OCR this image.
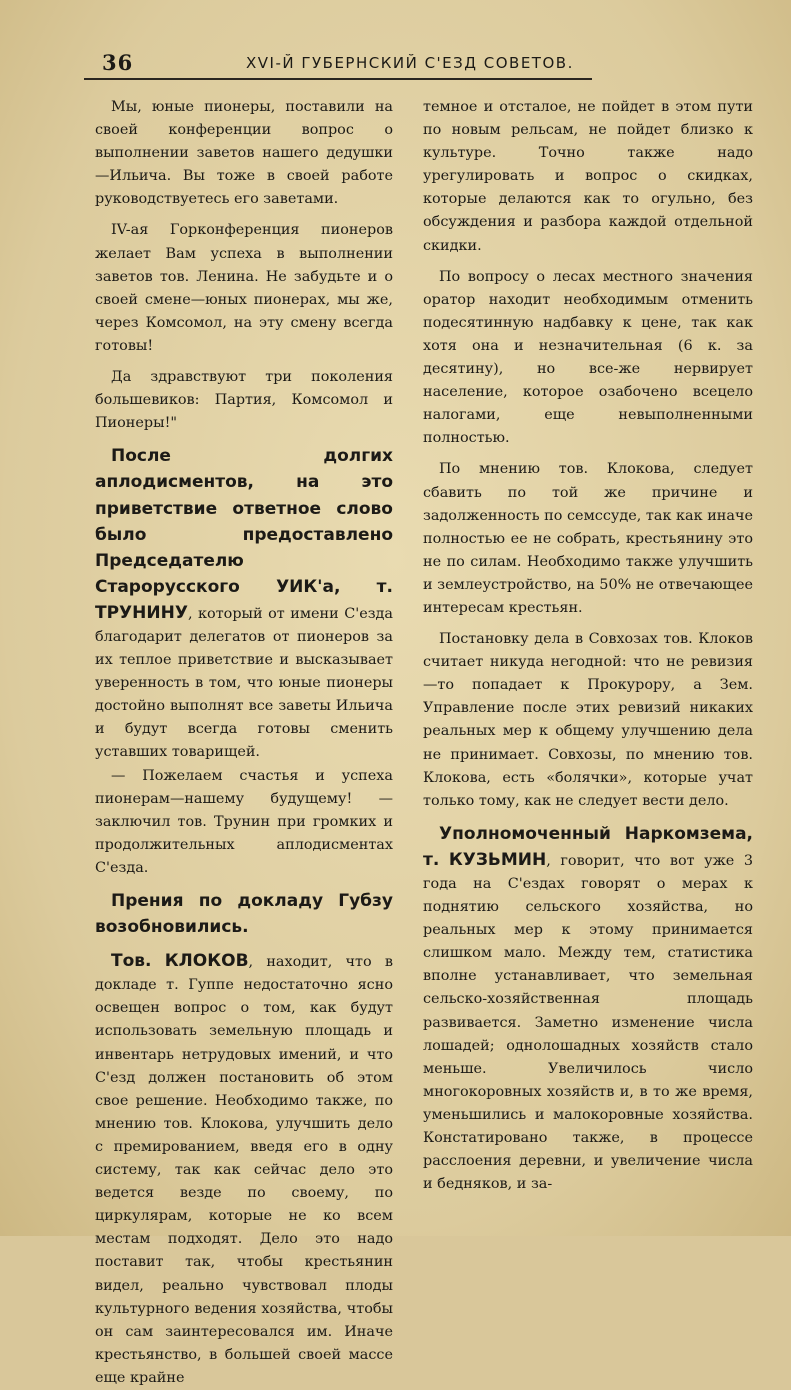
36	XVI-Й ГУБЕРНСКИЙ С'ЕЗД СОВЕТОВ.

Мы, юные пионеры, поставили на своей конференции вопрос о выполнении заветов нашего дедушки—Ильича. Вы тоже в своей работе руководствуетесь его заветами.

IV-ая Горконференция пионеров желает Вам успеха в выполнении заветов тов. Ленина. Не забудьте и о своей смене—юных пионерах, мы же, через Комсомол, на эту смену всегда готовы!

Да здравствуют три поколения большевиков: Партия, Комсомол и Пионеры!"

После долгих аплодисментов, на это приветствие ответное слово было предоставлено Председателю Старорусского УИК'а, т. ТРУНИНУ, который от имени С'езда благодарит делегатов от пионеров за их теплое приветствие и высказывает уверенность в том, что юные пионеры достойно выполнят все заветы Ильича и будут всегда готовы сменить уставших товарищей.

— Пожелаем счастья и успеха пионерам—нашему будущему! — заключил тов. Трунин при громких и продолжительных аплодисментах С'езда.

Прения по докладу Губзу возобновились.

Тов. КЛОКОВ, находит, что в докладе т. Гуппе недостаточно ясно освещен вопрос о том, как будут использовать земельную площадь и инвентарь нетрудовых имений, и что С'езд должен постановить об этом свое решение. Необходимо также, по мнению тов. Клокова, улучшить дело с премированием, введя его в одну систему, так как сейчас дело это ведется везде по своему, по циркулярам, которые не ко всем местам подходят. Дело это надо поставит так, чтобы крестьянин видел, реально чувствовал плоды культурного ведения хозяйства, чтобы он сам заинтересовался им. Иначе крестьянство, в большей своей массе еще крайне

темное и отсталое, не пойдет в этом пути по новым рельсам, не пойдет близко к культуре. Точно также надо урегулировать и вопрос о скидках, которые делаются как то огульно, без обсуждения и разбора каждой отдельной скидки.

По вопросу о лесах местного значения оратор находит необходимым отменить подесятинную надбавку к цене, так как хотя она и незначительная (6 к. за десятину), но все-же нервирует население, которое озабочено всецело налогами, еще невыполненными полностью.

По мнению тов. Клокова, следует сбавить по той же причине и задолженность по семссуде, так как иначе полностью ее не собрать, крестьянину это не по силам. Необходимо также улучшить и землеустройство, на 50% не отвечающее интересам крестьян.

Постановку дела в Совхозах тов. Клоков считает никуда негодной: что не ревизия—то попадает к Прокурору, а Зем. Управление после этих ревизий никаких реальных мер к общему улучшению дела не принимает. Совхозы, по мнению тов. Клокова, есть «болячки», которые учат только тому, как не следует вести дело.

Уполномоченный Наркомзема, т. КУЗЬМИН, говорит, что вот уже 3 года на С'ездах говорят о мерах к поднятию сельского хозяйства, но реальных мер к этому принимается слишком мало. Между тем, статистика вполне устанавливает, что земельная сельско-хозяйственная площадь развивается. Заметно изменение числа лошадей; однолошадных хозяйств стало меньше. Увеличилось число многокоровных хозяйств и, в то же время, уменьшились и малокоровные хозяйства. Констатировано также, в процессе расслоения деревни, и увеличение числа и бедняков, и за-
